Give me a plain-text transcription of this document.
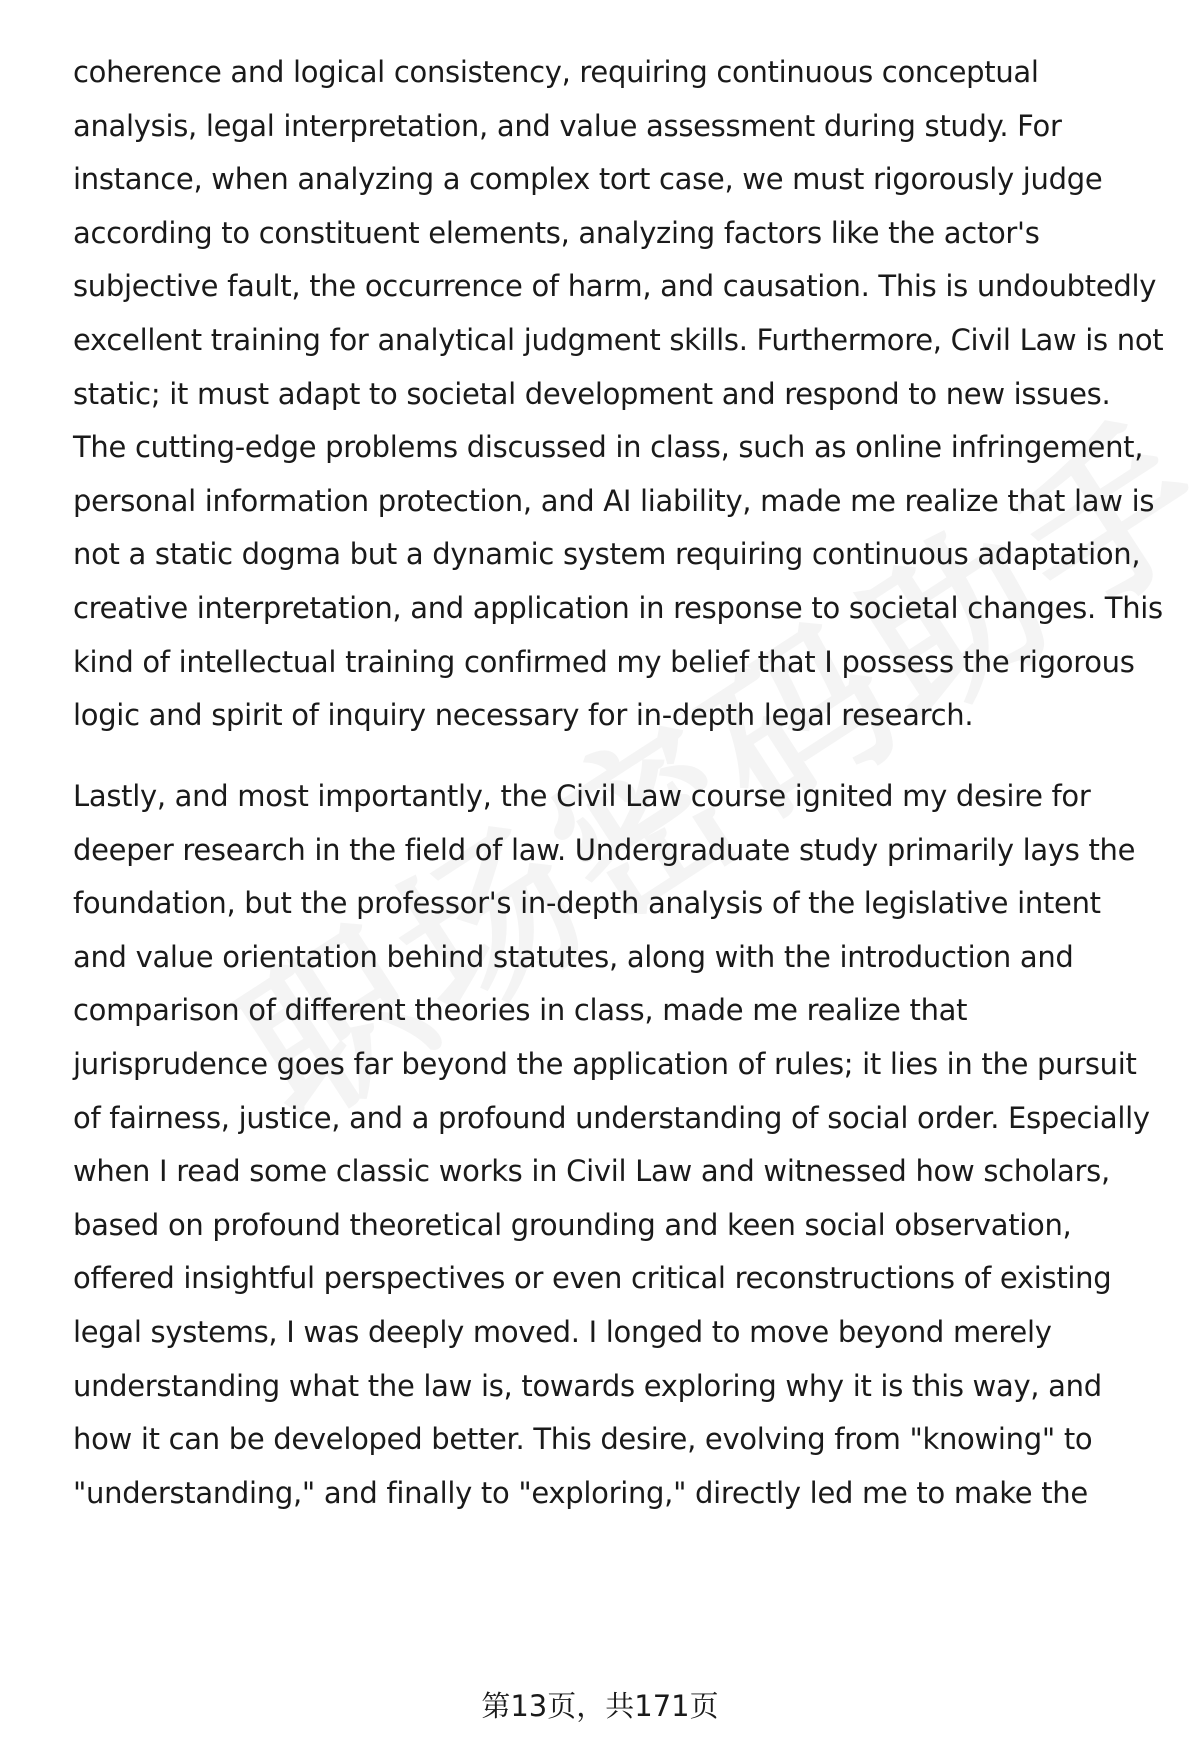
coherence and logical consistency, requiring continuous conceptual
analysis, legal interpretation, and value assessment during study. For
instance, when analyzing a complex tort case, we must rigorously judge
according to constituent elements, analyzing factors like the actor's
subjective fault, the occurrence of harm, and causation. This is undoubtedly
excellent training for analytical judgment skills. Furthermore, Civil Law is not
static; it must adapt to societal development and respond to new issues.
The cutting-edge problems discussed in class, such as online infringement,
personal information protection, and AI liability, made me realize that law is
not a static dogma but a dynamic system requiring continuous adaptation,
creative interpretation, and application in response to societal changes. This
kind of intellectual training confirmed my belief that I possess the rigorous
logic and spirit of inquiry necessary for in-depth legal research.
Lastly, and most importantly, the Civil Law course ignited my desire for
deeper research in the field of law. Undergraduate study primarily lays the
foundation, but the professor's in-depth analysis of the legislative intent
and value orientation behind statutes, along with the introduction and
comparison of different theories in class, made me realize that
jurisprudence goes far beyond the application of rules; it lies in the pursuit
of fairness, justice, and a profound understanding of social order. Especially
when I read some classic works in Civil Law and witnessed how scholars,
based on profound theoretical grounding and keen social observation,
offered insightful perspectives or even critical reconstructions of existing
legal systems, I was deeply moved. I longed to move beyond merely
understanding what the law is, towards exploring why it is this way, and
how it can be developed better. This desire, evolving from "knowing" to
"understanding," and finally to "exploring," directly led me to make the
第13页，共171页
